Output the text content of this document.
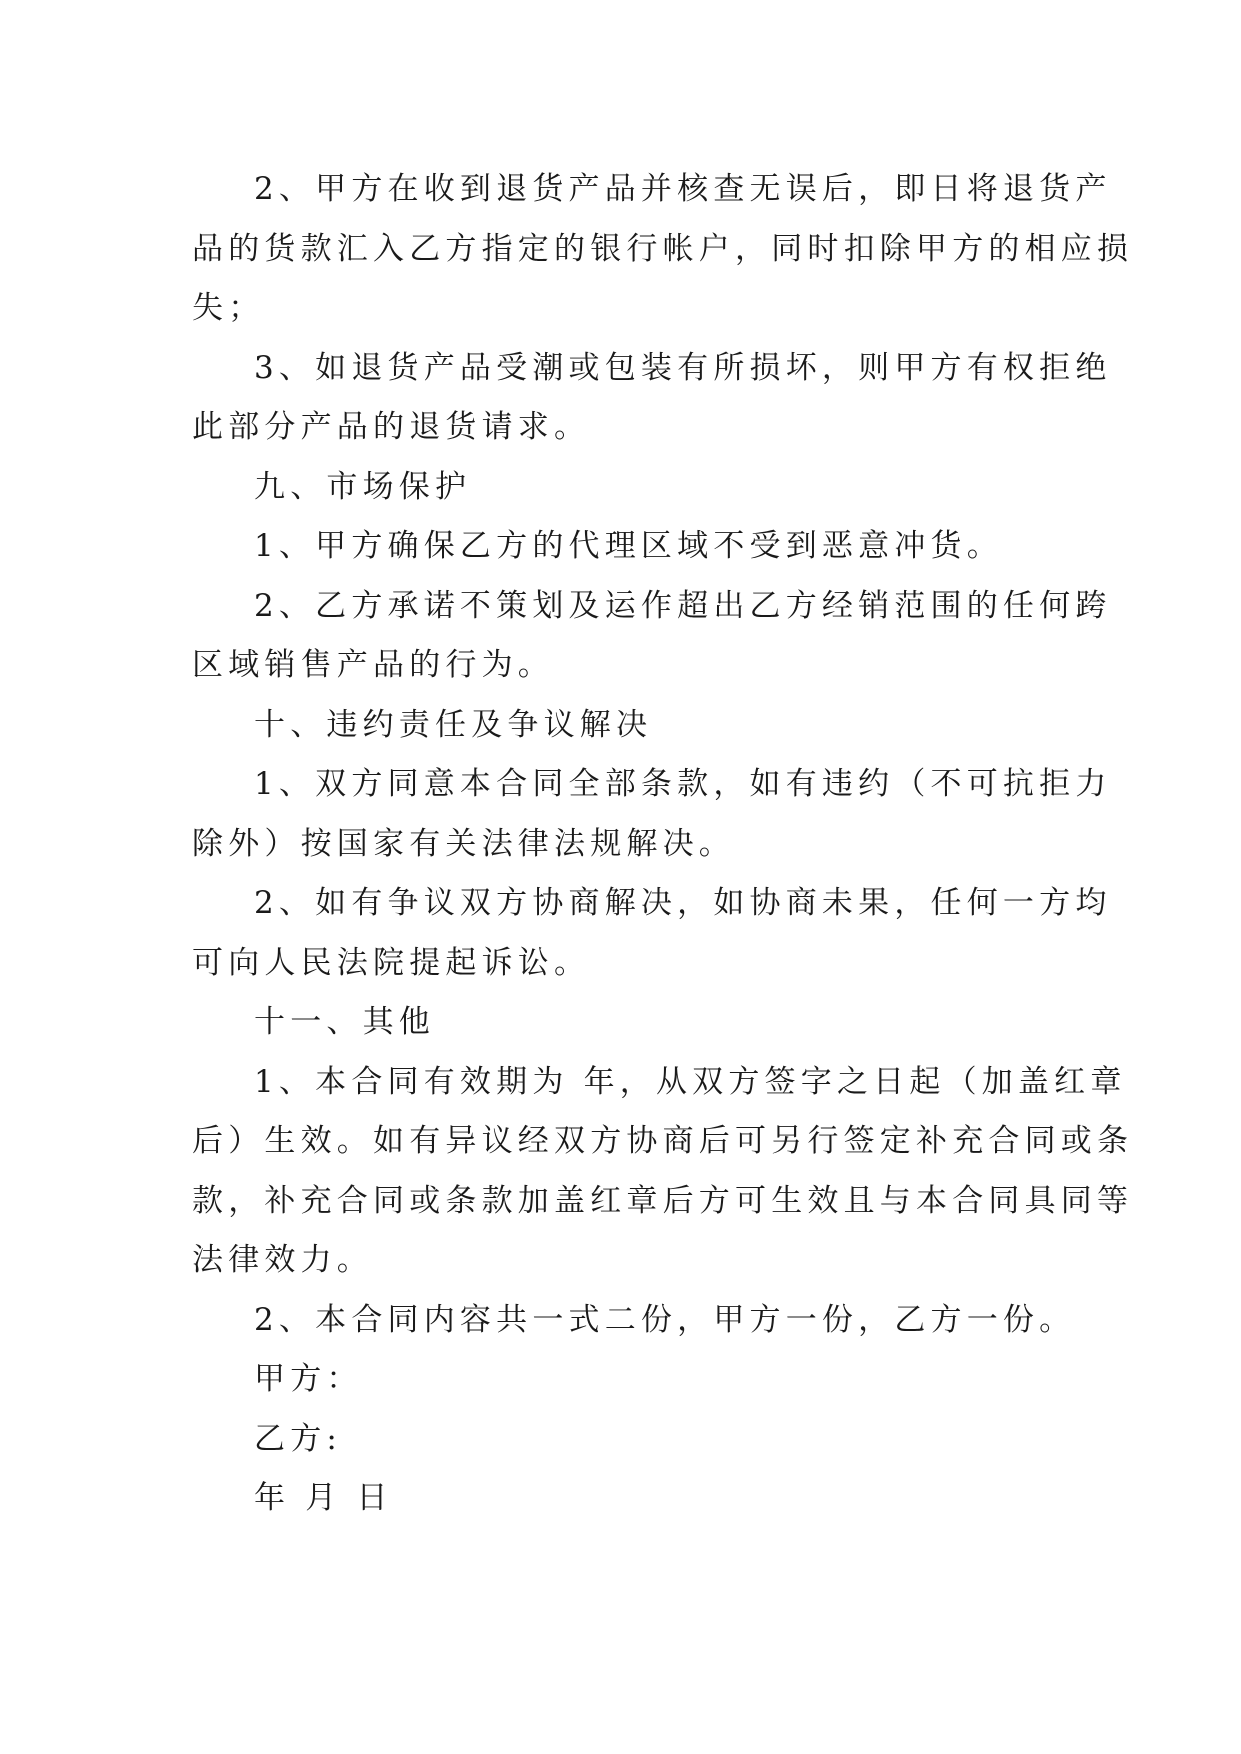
2、甲方在收到退货产品并核查无误后，即日将退货产
品的货款汇入乙方指定的银行帐户，同时扣除甲方的相应损
失；
3、如退货产品受潮或包装有所损坏，则甲方有权拒绝
此部分产品的退货请求。
九、市场保护
1、甲方确保乙方的代理区域不受到恶意冲货。
2、乙方承诺不策划及运作超出乙方经销范围的任何跨
区域销售产品的行为。
十、违约责任及争议解决
1、双方同意本合同全部条款，如有违约（不可抗拒力
除外）按国家有关法律法规解决。
2、如有争议双方协商解决，如协商未果，任何一方均
可向人民法院提起诉讼。
十一、其他
1、本合同有效期为 年，从双方签字之日起（加盖红章
后）生效。如有异议经双方协商后可另行签定补充合同或条
款，补充合同或条款加盖红章后方可生效且与本合同具同等
法律效力。
2、本合同内容共一式二份，甲方一份，乙方一份。
甲方：
乙方:
年 月 日
